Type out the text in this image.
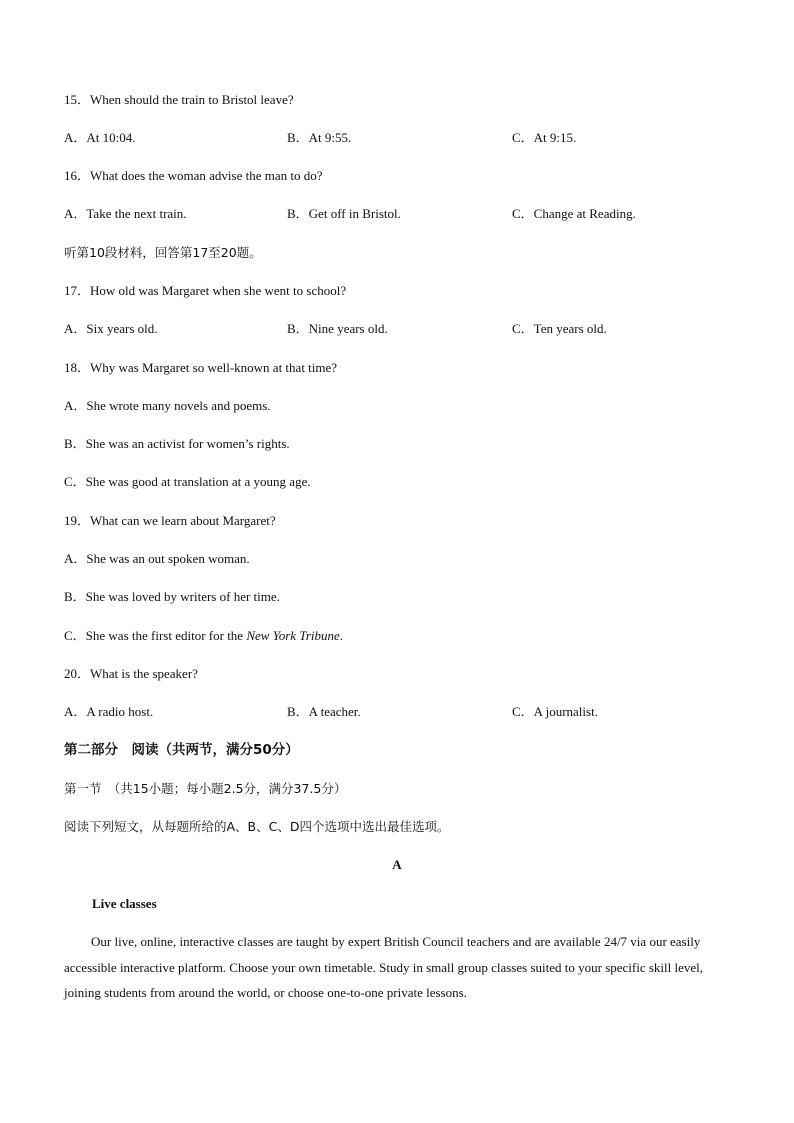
15．When should the train to Bristol leave?
A．At 10:04.	B．At 9:55.	C．At 9:15.
16．What does the woman advise the man to do?
A．Take the next train.	B．Get off in Bristol.	C．Change at Reading.
听第10段材料，回答第17至20题。
17．How old was Margaret when she went to school?
A．Six years old.	B．Nine years old.	C．Ten years old.
18．Why was Margaret so well-known at that time?
A．She wrote many novels and poems.
B．She was an activist for women’s rights.
C．She was good at translation at a young age.
19．What can we learn about Margaret?
A．She was an out spoken woman.
B．She was loved by writers of her time.
C．She was the first editor for the New York Tribune.
20．What is the speaker?
A．A radio host.	B．A teacher.	C．A journalist.
第二部分　阅读（共两节，满分50分）
第一节　（共15小题；每小题2.5分，满分37.5分）
阅读下列短文，从每题所给的A、B、C、D四个选项中选出最佳选项。
A
Live classes
Our live, online, interactive classes are taught by expert British Council teachers and are available 24/7 via our easily accessible interactive platform. Choose your own timetable. Study in small group classes suited to your specific skill level, joining students from around the world, or choose one-to-one private lessons.
